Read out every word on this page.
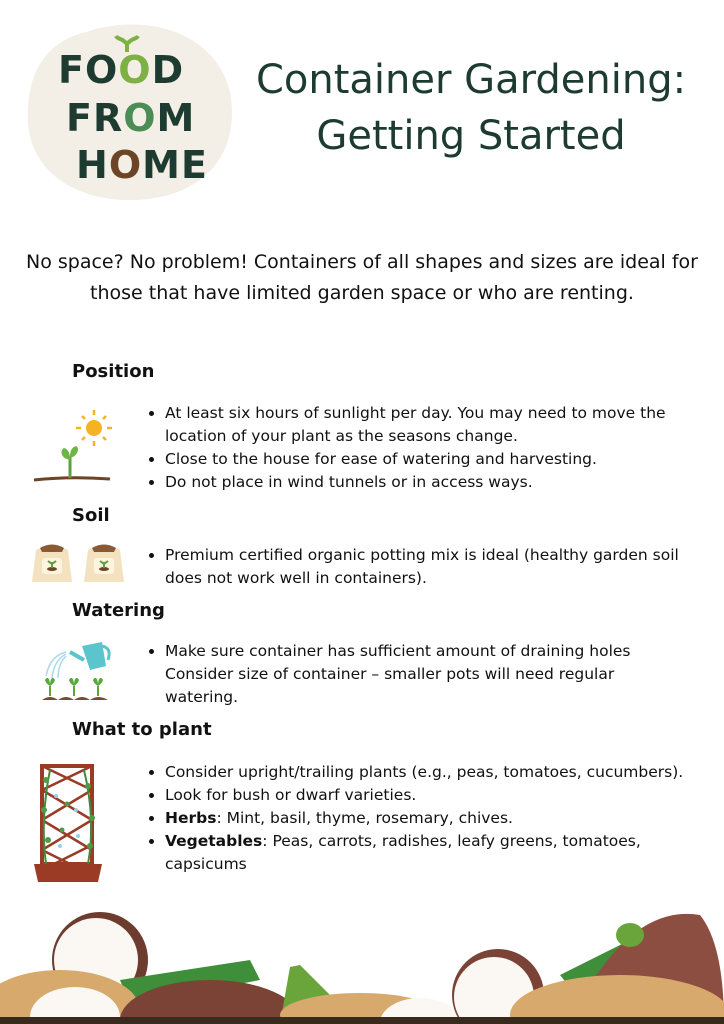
FOOD
FROM
HOME
Container Gardening:
Getting Started

No space? No problem! Containers of all shapes and sizes are ideal for those that have limited garden space or who are renting.

Position
• At least six hours of sunlight per day. You may need to move the location of your plant as the seasons change.
• Close to the house for ease of watering and harvesting.
• Do not place in wind tunnels or in access ways.
Soil
• Premium certified organic potting mix is ideal (healthy garden soil does not work well in containers).
Watering
• Make sure container has sufficient amount of draining holes
Consider size of container – smaller pots will need regular watering.
What to plant
• Consider upright/trailing plants (e.g., peas, tomatoes, cucumbers).
• Look for bush or dwarf varieties.
• Herbs: Mint, basil, thyme, rosemary, chives.
• Vegetables: Peas, carrots, radishes, leafy greens, tomatoes, capsicums
